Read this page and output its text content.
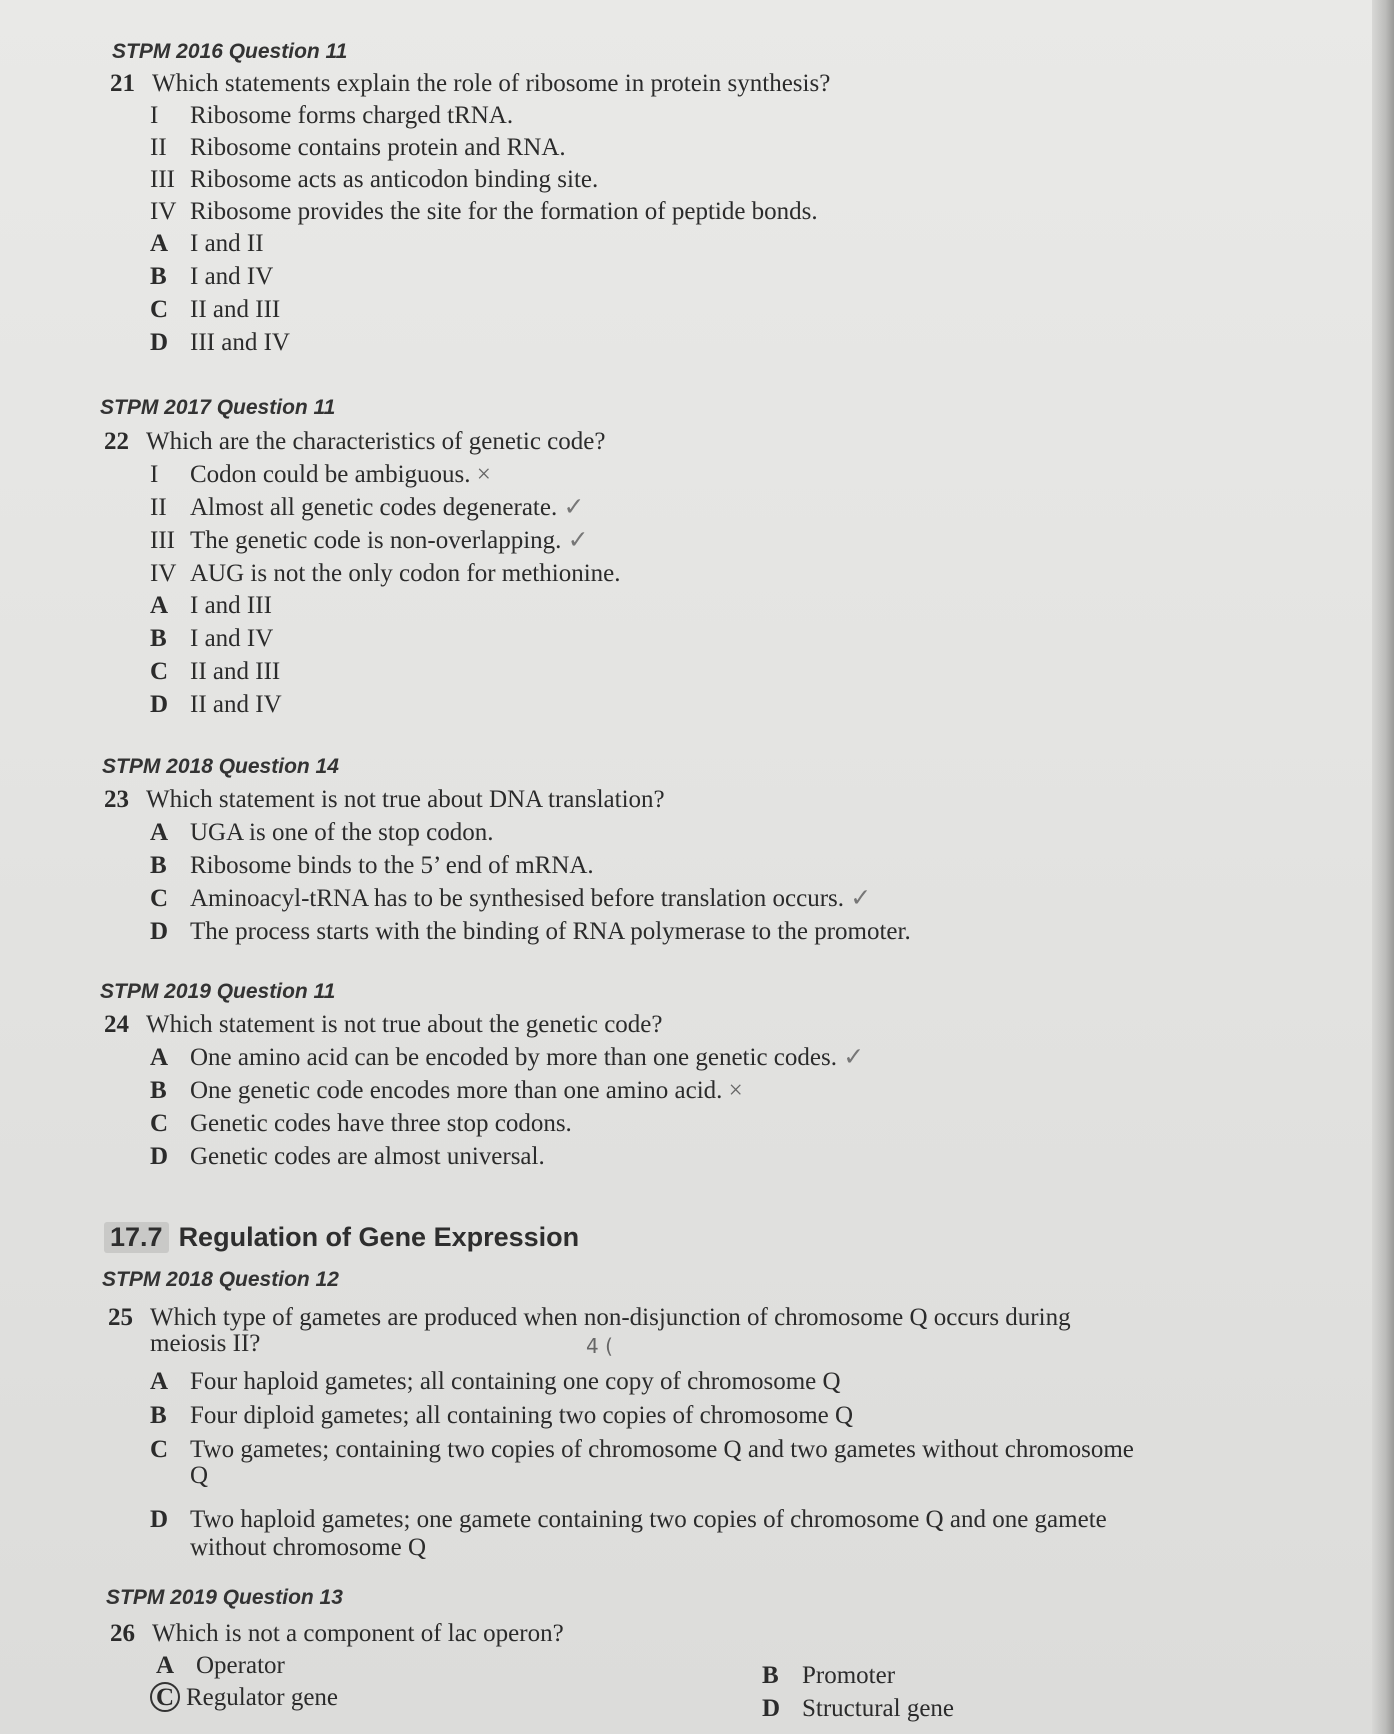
STPM 2016 Question 11
21 Which statements explain the role of ribosome in protein synthesis?
I Ribosome forms charged tRNA.
II Ribosome contains protein and RNA.
III Ribosome acts as anticodon binding site.
IV Ribosome provides the site for the formation of peptide bonds.
A I and II
B I and IV
C II and III
D III and IV
STPM 2017 Question 11
22 Which are the characteristics of genetic code?
I Codon could be ambiguous. ×
II Almost all genetic codes degenerate. ✓
III The genetic code is non-overlapping. ✓
IV AUG is not the only codon for methionine.
A I and III
B I and IV
C II and III
D II and IV
STPM 2018 Question 14
23 Which statement is not true about DNA translation?
A UGA is one of the stop codon.
B Ribosome binds to the 5’ end of mRNA.
C Aminoacyl-tRNA has to be synthesised before translation occurs. ✓
D The process starts with the binding of RNA polymerase to the promoter.
STPM 2019 Question 11
24 Which statement is not true about the genetic code?
A One amino acid can be encoded by more than one genetic codes. ✓
B One genetic code encodes more than one amino acid. ×
C Genetic codes have three stop codons.
D Genetic codes are almost universal.
17.7 Regulation of Gene Expression
STPM 2018 Question 12
25 Which type of gametes are produced when non-disjunction of chromosome Q occurs during
meiosis II?	4 (
A Four haploid gametes; all containing one copy of chromosome Q
B Four diploid gametes; all containing two copies of chromosome Q
C Two gametes; containing two copies of chromosome Q and two gametes without chromosome
Q
D Two haploid gametes; one gamete containing two copies of chromosome Q and one gamete
without chromosome Q
STPM 2019 Question 13
26 Which is not a component of lac operon?
A Operator	B Promoter
C Regulator gene	D Structural gene
